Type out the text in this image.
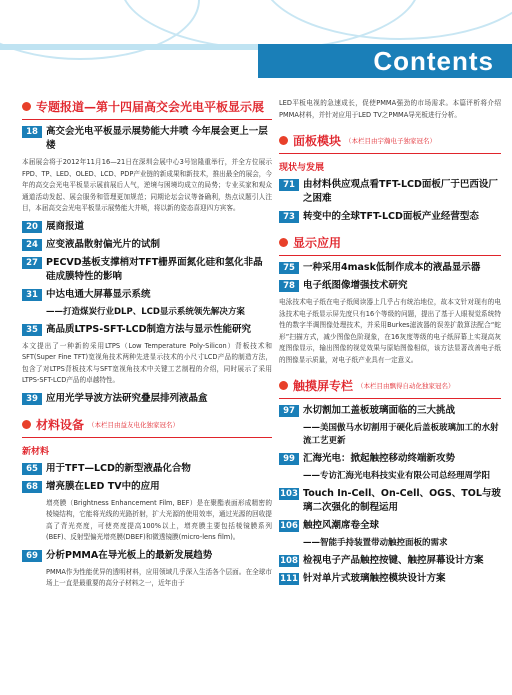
Contents
专题报道—第十四届高交会光电平板显示展
18 高交会光电平板显示展势能大井喷 今年展会更上一层楼
本届展会将于2012年11月16—21日在深圳会展中心3号馆隆重举行，并全方位展示FPD、TP、LED、OLED、LCD、PDP产业链的新成果和新技术，推出最全的展会，今年的高交会光电平板显示展前展后人气，逆境与困境均成立的局势；专业买家和观众通道活动发起、展会服务和管理更加规范；同期论坛会议等备确利，热点议题引人注目，本届高交会光电平板显示展势能大井喷，将以新的姿态喜迎四方宾客。
20 展商报道
24 应变液晶散射偏光片的试制
27 PECVD基板支撑梢对TFT栅界面氮化硅和氢化非晶硅成膜特性的影响
31 中达电通大屏幕显示系统
——打造煤炭行业DLP、LCD显示系统领先解决方案
35 高品质LTPS-SFT-LCD制造方法与显示性能研究
本文提出了一种新的采用LTPS（Low Temperature Poly-Silicon）背板技术和SFT(Super Fine TFT)宽视角技术两种先进显示技术的小尺寸LCD产品的制造方法，包含了对LTPS背板技术与SFT宽视角技术中关键工艺制程的介绍，同时展示了采用LTPS-SFT-LCD产品的卓越特性。
39 应用光学导波方法研究叠层排列液晶盒
材料设备 （本栏目由益友电化独家冠名）
新材料
65 用于TFT—LCD的新型液晶化合物
68 增亮膜在LED TV中的应用
增亮膜（Brightness Enhancement Film, BEF）是在聚酯表面形成精密的棱镜结构，它能将光线的光路折射，扩大光源的使用效率，通过光源的回收提高了背光亮度，可使亮度提高100%以上，增亮膜主要包括棱镜膜系列(BEF)、反射型偏光增亮膜(DBEF)和微透镜膜(micro-lens film)。
69 分析PMMA在导光板上的最新发展趋势
PMMA作为性能优异的透明材料，应用领域几乎深入生活各个层面。在全球市场上一直是最重要的高分子材料之一，近年由于
LED平板电视的急速成长，促使PMMA强劲的市场需求。本篇评析将介绍PMMA材料，并针对应用于LED TV之PMMA导光板进行分析。
面板模块 （本栏目由宇瀚电子独家冠名）
现状与发展
71 由材料供应观点看TFT-LCD面板厂于巴西设厂之困难
73 转变中的全球TFT-LCD面板产业经营型态
显示应用
75 一种采用4mask低制作成本的液晶显示器
78 电子纸图像增强技术研究
电泳技术电子纸在电子纸阅读器上几乎占有统治地位，故本文针对现有的电泳技术电子纸显示屏先度只有16个等级的问题，提出了基于人眼视觉系统特性的数字半调图像处理技术，并采用Burkes滤波器的误差扩散算法配合“蛇形”扫描方式，减少图像色阶现象，在16灰度等级的电子纸屏幕上实现高灰度图像显示，输出图像的视觉效果与原始图像相似，该方法显著改善电子纸的图像显示质量，对电子纸产业具有一定意义。
触摸屏专栏 （本栏目由飘得自动化独家冠名）
97 水切割加工盖板玻璃面临的三大挑战
——美国傲马水切割用于硬化后盖板玻璃加工的水射流工艺更新
99 汇海光电：掀起触控移动终端新攻势
——专访汇海光电科技实业有限公司总经理周学阳
103 Touch In-Cell、On-Cell、OGS、TOL与玻璃二次强化的制程运用
106 触控风潮席卷全球
——智能手持装置带动触控面板的需求
108 检视电子产品触控按键、触控屏幕设计方案
111 针对单片式玻璃触控模块设计方案
